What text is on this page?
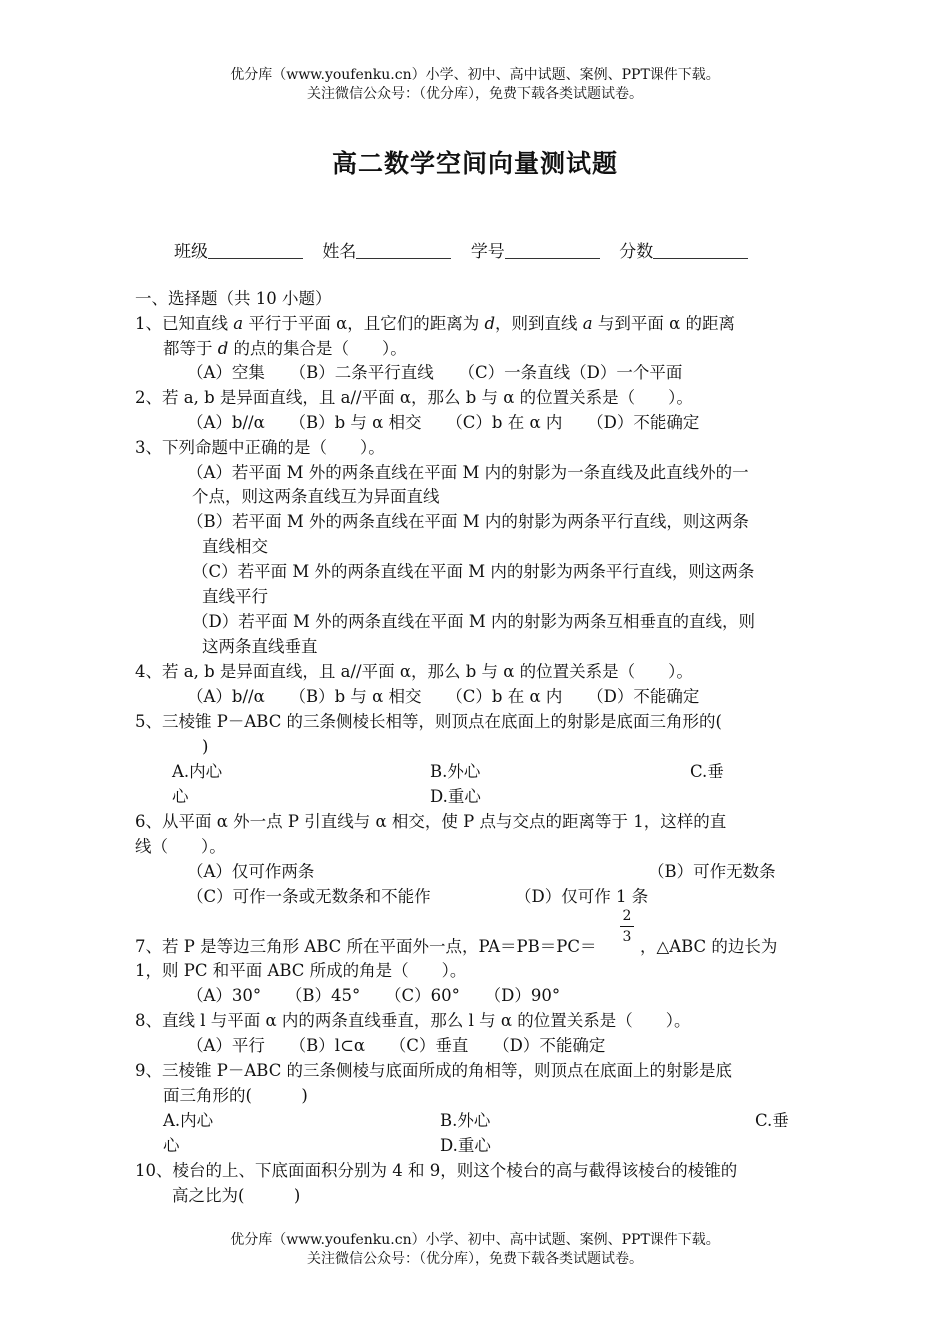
优分库（www.youfenku.cn）小学、初中、高中试题、案例、PPT课件下载。
关注微信公众号：（优分库），免费下载各类试题试卷。
高二数学空间向量测试题
班级	姓名	学号	分数
一、选择题（共 10 小题）
1、已知直线 a 平行于平面 α，且它们的距离为 d，则到直线 a 与到平面 α 的距离
都等于 d 的点的集合是（　　）。
（A）空集　　（B）二条平行直线　　（C）一条直线（D）一个平面
2、若 a, b 是异面直线，且 a//平面 α，那么 b 与 α 的位置关系是（　　）。
（A）b//α　　（B）b 与 α 相交　　（C）b 在 α 内　　（D）不能确定
3、下列命题中正确的是（　　）。
（A）若平面 M 外的两条直线在平面 M 内的射影为一条直线及此直线外的一
个点，则这两条直线互为异面直线
（B）若平面 M 外的两条直线在平面 M 内的射影为两条平行直线，则这两条
直线相交
（C）若平面 M 外的两条直线在平面 M 内的射影为两条平行直线，则这两条
直线平行
（D）若平面 M 外的两条直线在平面 M 内的射影为两条互相垂直的直线，则
这两条直线垂直
4、若 a, b 是异面直线，且 a//平面 α，那么 b 与 α 的位置关系是（　　）。
（A）b//α　　（B）b 与 α 相交　　（C）b 在 α 内　　（D）不能确定
5、三棱锥 P－ABC 的三条侧棱长相等，则顶点在底面上的射影是底面三角形的(
)
A.内心	B.外心	C.垂
心	D.重心
6、从平面 α 外一点 P 引直线与 α 相交，使 P 点与交点的距离等于 1，这样的直
线（　　）。
（A）仅可作两条	（B）可作无数条
（C）可作一条或无数条和不能作	（D）仅可作 1 条
7、若 P 是等边三角形 ABC 所在平面外一点，PA＝PB＝PC＝
2
3 ，△ABC 的边长为
1，则 PC 和平面 ABC 所成的角是（　　）。
（A）30°　　（B）45°　　（C）60°　　（D）90°
8、直线 l 与平面 α 内的两条直线垂直，那么 l 与 α 的位置关系是（　　）。
（A）平行　　（B）l⊂α　　（C）垂直　　（D）不能确定
9、三棱锥 P－ABC 的三条侧棱与底面所成的角相等，则顶点在底面上的射影是底
面三角形的(　　　)
A.内心	B.外心	C.垂
心	D.重心
10、棱台的上、下底面面积分别为 4 和 9，则这个棱台的高与截得该棱台的棱锥的
高之比为(　　　)
优分库（www.youfenku.cn）小学、初中、高中试题、案例、PPT课件下载。
关注微信公众号：（优分库），免费下载各类试题试卷。
